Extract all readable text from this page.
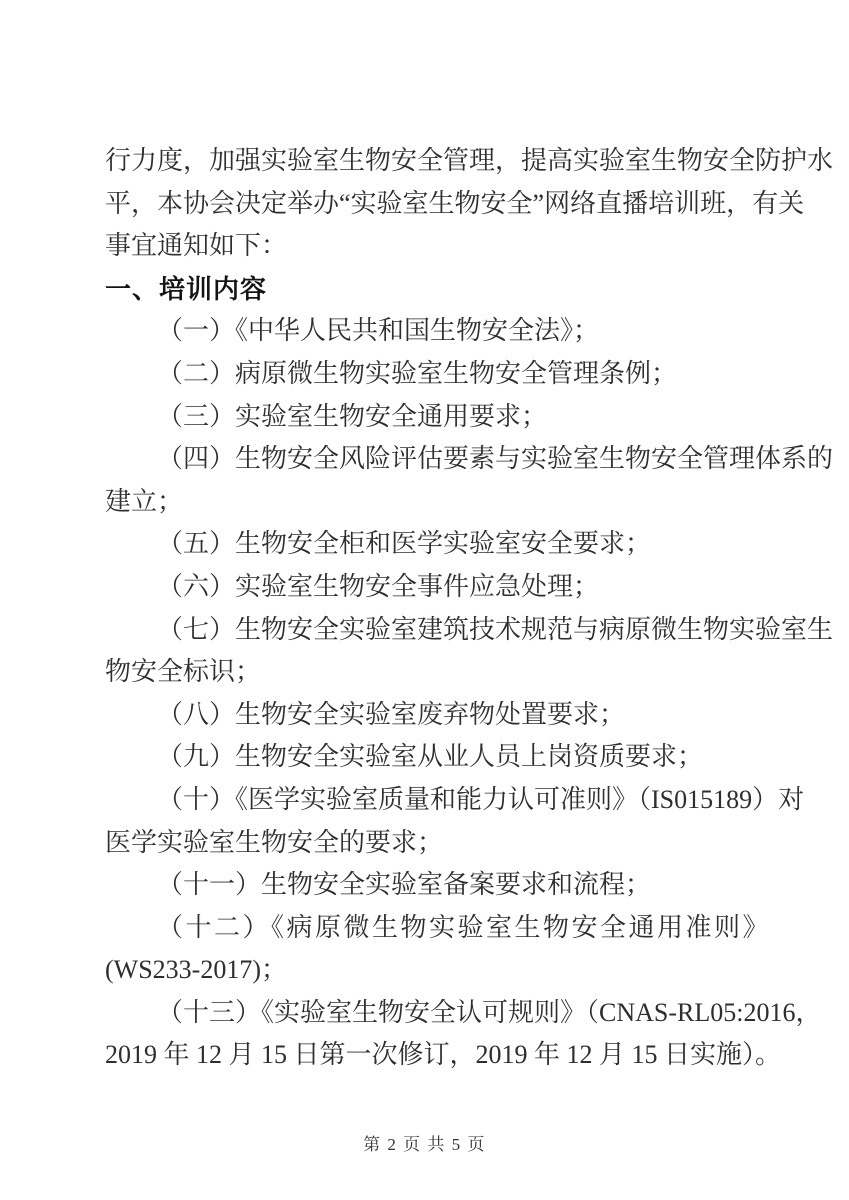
行力度，加强实验室生物安全管理，提高实验室生物安全防护水
平，本协会决定举办“实验室生物安全”网络直播培训班，有关
事宜通知如下：
一、培训内容
（一）《中华人民共和国生物安全法》；
（二）病原微生物实验室生物安全管理条例；
（三）实验室生物安全通用要求；
（四）生物安全风险评估要素与实验室生物安全管理体系的
建立；
（五）生物安全柜和医学实验室安全要求；
（六）实验室生物安全事件应急处理；
（七）生物安全实验室建筑技术规范与病原微生物实验室生
物安全标识；
（八）生物安全实验室废弃物处置要求；
（九）生物安全实验室从业人员上岗资质要求；
（十）《医学实验室质量和能力认可准则》（IS015189）对
医学实验室生物安全的要求；
（十一）生物安全实验室备案要求和流程；
（十二）《病原微生物实验室生物安全通用准则》
(WS233-2017)；
（十三）《实验室生物安全认可规则》（CNAS-RL05:2016，
2019 年 12 月 15 日第一次修订，2019 年 12 月 15 日实施）。
第 2 页 共 5 页
